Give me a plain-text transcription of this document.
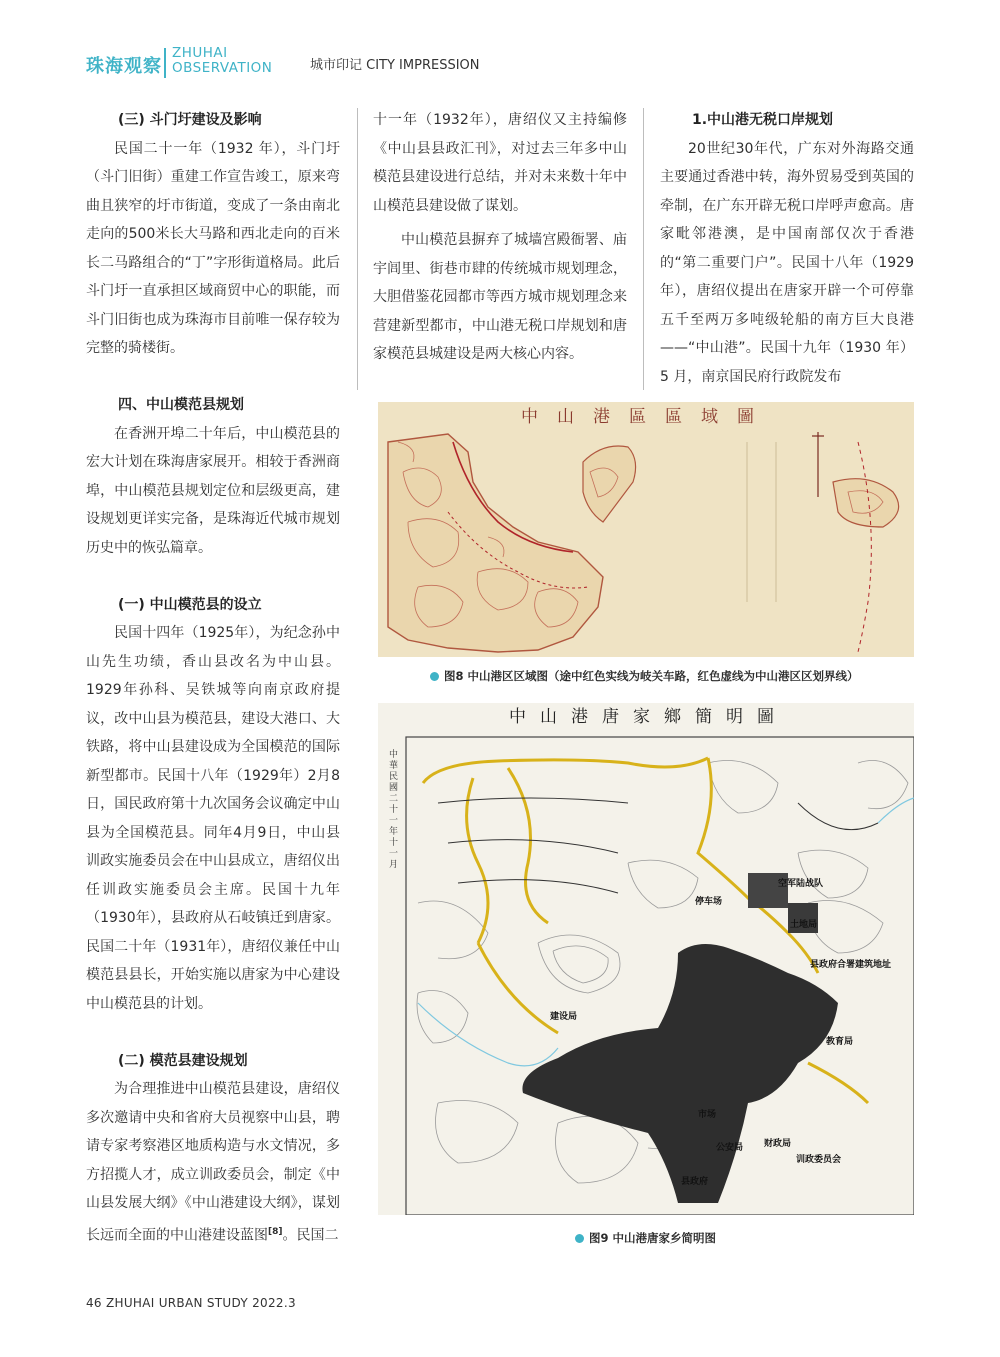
珠海观察
ZHUHAI
OBSERVATION	城市印记 CITY IMPRESSION
(三) 斗门圩建设及影响

民国二十一年（1932 年），斗门圩（斗门旧街）重建工作宣告竣工，原来弯曲且狭窄的圩市街道，变成了一条由南北走向的500米长大马路和西北走向的百米长二马路组合的“丁”字形街道格局。此后斗门圩一直承担区域商贸中心的职能，而斗门旧街也成为珠海市目前唯一保存较为完整的骑楼街。

四、中山模范县规划

在香洲开埠二十年后，中山模范县的宏大计划在珠海唐家展开。相较于香洲商埠，中山模范县规划定位和层级更高，建设规划更详实完备，是珠海近代城市规划历史中的恢弘篇章。

(一) 中山模范县的设立

民国十四年（1925年），为纪念孙中山先生功绩，香山县改名为中山县。1929年孙科、吴铁城等向南京政府提议，改中山县为模范县，建设大港口、大铁路，将中山县建设成为全国模范的国际新型都市。民国十八年（1929年）2月8日，国民政府第十九次国务会议确定中山县为全国模范县。同年4月9日，中山县训政实施委员会在中山县成立，唐绍仪出任训政实施委员会主席。民国十九年（1930年），县政府从石岐镇迁到唐家。民国二十年（1931年），唐绍仪兼任中山模范县县长，开始实施以唐家为中心建设中山模范县的计划。

(二) 模范县建设规划

为合理推进中山模范县建设，唐绍仪多次邀请中央和省府大员视察中山县，聘请专家考察港区地质构造与水文情况，多方招揽人才，成立训政委员会，制定《中山县发展大纲》《中山港建设大纲》，谋划长远而全面的中山港建设蓝图[8]。民国二

十一年（1932年），唐绍仪又主持编修《中山县县政汇刊》，对过去三年多中山模范县建设进行总结，并对未来数十年中山模范县建设做了谋划。

中山模范县摒弃了城墙宫殿衙署、庙宇闾里、街巷市肆的传统城市规划理念，大胆借鉴花园都市等西方城市规划理念来营建新型都市，中山港无税口岸规划和唐家模范县城建设是两大核心内容。

1.中山港无税口岸规划

20世纪30年代，广东对外海路交通主要通过香港中转，海外贸易受到英国的牵制，在广东开辟无税口岸呼声愈高。唐家毗邻港澳，是中国南部仅次于香港的“第二重要门户”。民国十八年（1929年），唐绍仪提出在唐家开辟一个可停靠五千至两万多吨级轮船的南方巨大良港——“中山港”。民国十九年（1930 年）5 月，南京国民府行政院发布

中山港區區域圖
图8 中山港区区域图（途中红色实线为岐关车路，红色虚线为中山港区区划界线）
中山港唐家鄉簡明圖
中華民國二十一年十一月
空军陆战队
停车场
土地局
县政府合署建筑地址
建设局
教育局
市场
公安局 财政局
训政委员会
县政府
图9 中山港唐家乡简明图
46 ZHUHAI URBAN STUDY 2022.3
